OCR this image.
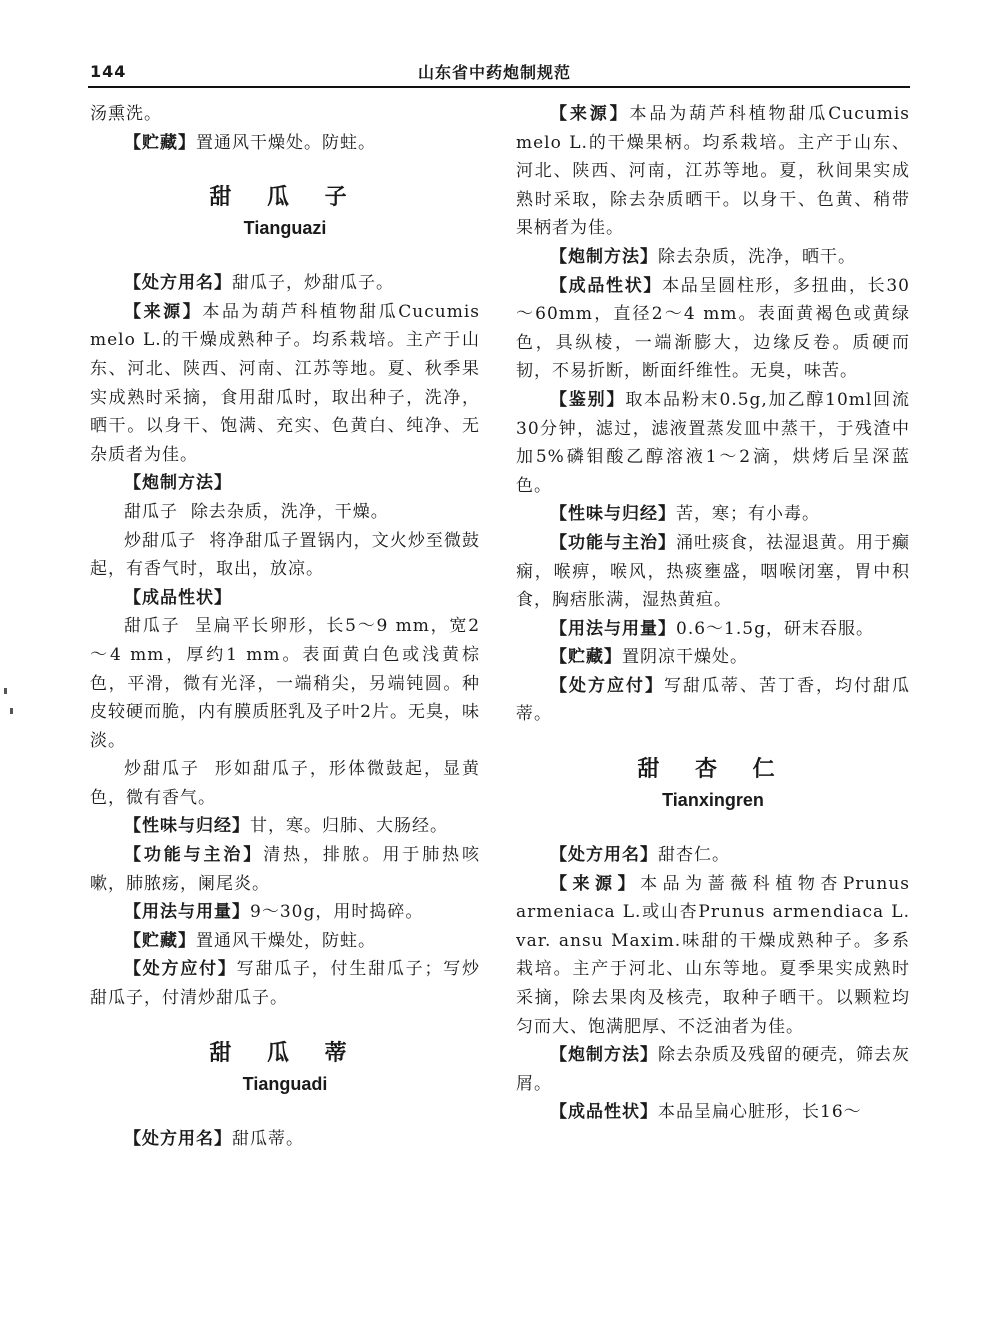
144	山东省中药炮制规范

汤熏洗。

【贮藏】置通风干燥处。防蛀。

甜 瓜 子
Tianguazi

【处方用名】甜瓜子，炒甜瓜子。

【来源】本品为葫芦科植物甜瓜Cucumis melo L.的干燥成熟种子。均系栽培。主产于山东、河北、陕西、河南、江苏等地。夏、秋季果实成熟时采摘，食用甜瓜时，取出种子，洗净，晒干。以身干、饱满、充实、色黄白、纯净、无杂质者为佳。

【炮制方法】

甜瓜子 除去杂质，洗净，干燥。

炒甜瓜子 将净甜瓜子置锅内，文火炒至微鼓起，有香气时，取出，放凉。

【成品性状】

甜瓜子 呈扁平长卵形，长5～9 mm，宽2～4 mm，厚约1 mm。表面黄白色或浅黄棕色，平滑，微有光泽，一端稍尖，另端钝圆。种皮较硬而脆，内有膜质胚乳及子叶2片。无臭，味淡。

炒甜瓜子 形如甜瓜子，形体微鼓起，显黄色，微有香气。

【性味与归经】甘，寒。归肺、大肠经。

【功能与主治】清热，排脓。用于肺热咳嗽，肺脓疡，阑尾炎。

【用法与用量】9～30g，用时捣碎。

【贮藏】置通风干燥处，防蛀。

【处方应付】写甜瓜子，付生甜瓜子；写炒甜瓜子，付清炒甜瓜子。

甜 瓜 蒂
Tianguadi

【处方用名】甜瓜蒂。

【来源】本品为葫芦科植物甜瓜Cucumis melo L.的干燥果柄。均系栽培。主产于山东、河北、陕西、河南，江苏等地。夏，秋间果实成熟时采取，除去杂质晒干。以身干、色黄、稍带果柄者为佳。

【炮制方法】除去杂质，洗净，晒干。

【成品性状】本品呈圆柱形，多扭曲，长30～60mm，直径2～4 mm。表面黄褐色或黄绿色，具纵棱，一端渐膨大，边缘反卷。质硬而韧，不易折断，断面纤维性。无臭，味苦。

【鉴别】取本品粉末0.5g,加乙醇10ml回流30分钟，滤过，滤液置蒸发皿中蒸干，于残渣中加5%磷钼酸乙醇溶液1～2滴，烘烤后呈深蓝色。

【性味与归经】苦，寒；有小毒。

【功能与主治】涌吐痰食，祛湿退黄。用于癫痫，喉痹，喉风，热痰壅盛，咽喉闭塞，胃中积食，胸痞胀满，湿热黄疸。

【用法与用量】0.6～1.5g，研末吞服。

【贮藏】置阴凉干燥处。

【处方应付】写甜瓜蒂、苦丁香，均付甜瓜蒂。

甜 杏 仁
Tianxingren

【处方用名】甜杏仁。

【来源】本品为蔷薇科植物杏Prunus armeniaca L.或山杏Prunus armendiaca L. var. ansu Maxim.味甜的干燥成熟种子。多系栽培。主产于河北、山东等地。夏季果实成熟时采摘，除去果肉及核壳，取种子晒干。以颗粒均匀而大、饱满肥厚、不泛油者为佳。

【炮制方法】除去杂质及残留的硬壳，筛去灰屑。

【成品性状】本品呈扁心脏形，长16～
